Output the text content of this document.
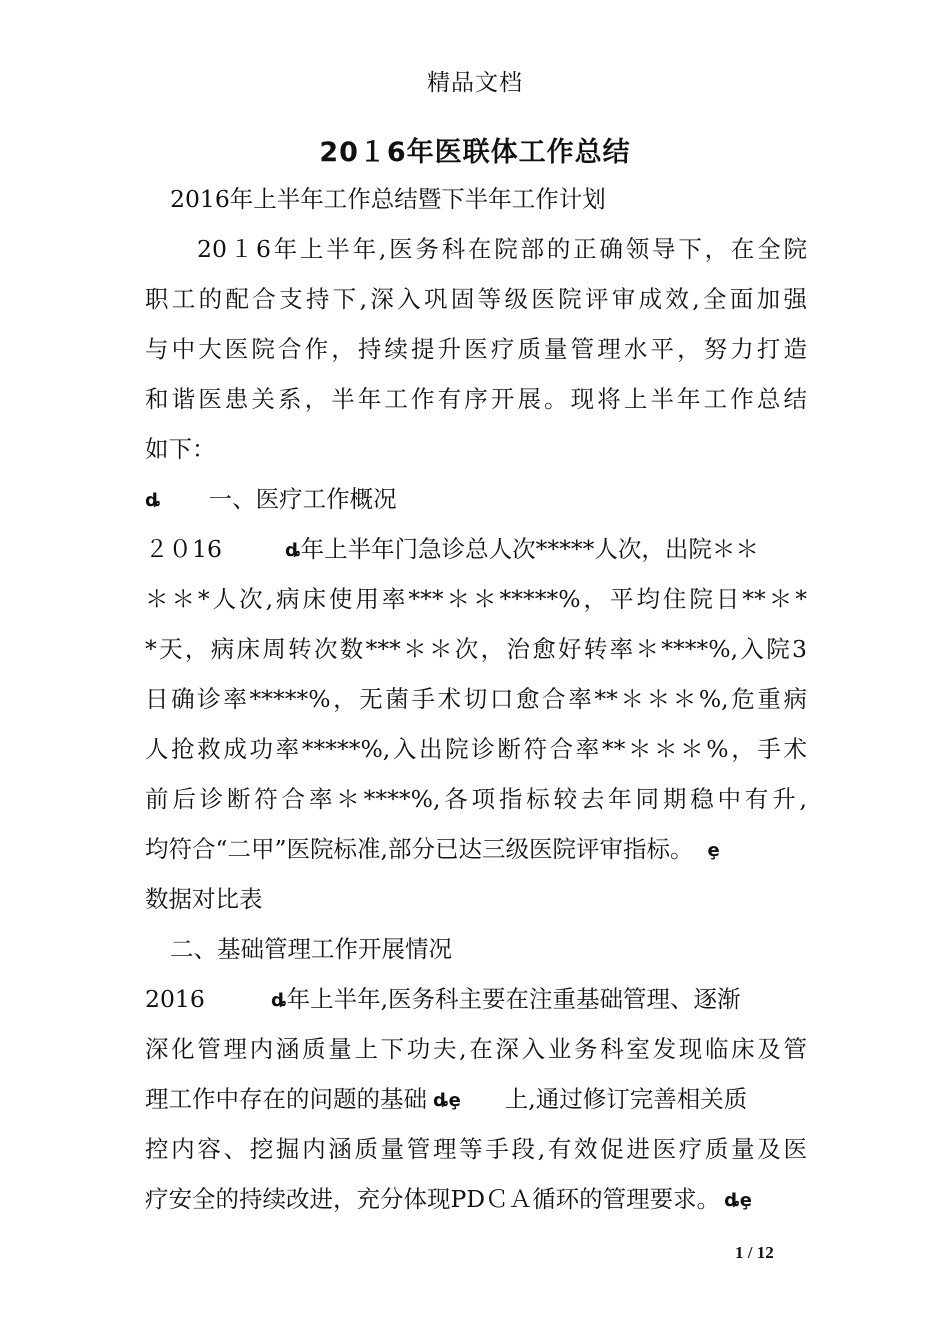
精品文档
20１6年医联体工作总结
2016年上半年工作总结暨下半年工作计划
20１6年上半年,医务科在院部的正确领导下，在全院
职工的配合支持下,深入巩固等级医院评审成效,全面加强
与中大医院合作，持续提升医疗质量管理水平，努力打造
和谐医患关系，半年工作有序开展。现将上半年工作总结
如下：
ȡ 一、医疗工作概况
２０16	ȡ年上半年门急诊总人次*****人次，出院＊＊
＊＊*人次,病床使用率***＊＊*****%，平均住院日**＊*
*天，病床周转次数***＊＊次，治愈好转率＊****%,入院3
日确诊率*****%，无菌手术切口愈合率**＊＊＊%,危重病
人抢救成功率*****%,入出院诊断符合率**＊＊＊%，手术
前后诊断符合率＊****%,各项指标较去年同期稳中有升,
均符合“二甲”医院标准,部分已达三级医院评审指标。 ȩ
数据对比表
二、基础管理工作开展情况
2016	ȡ年上半年,医务科主要在注重基础管理、逐渐
深化管理内涵质量上下功夫,在深入业务科室发现临床及管
理工作中存在的问题的基础 ȡȩ 上,通过修订完善相关质
控内容、挖掘内涵质量管理等手段,有效促进医疗质量及医
疗安全的持续改进，充分体现PDＣＡ循环的管理要求。 ȡȩ
1 / 12
